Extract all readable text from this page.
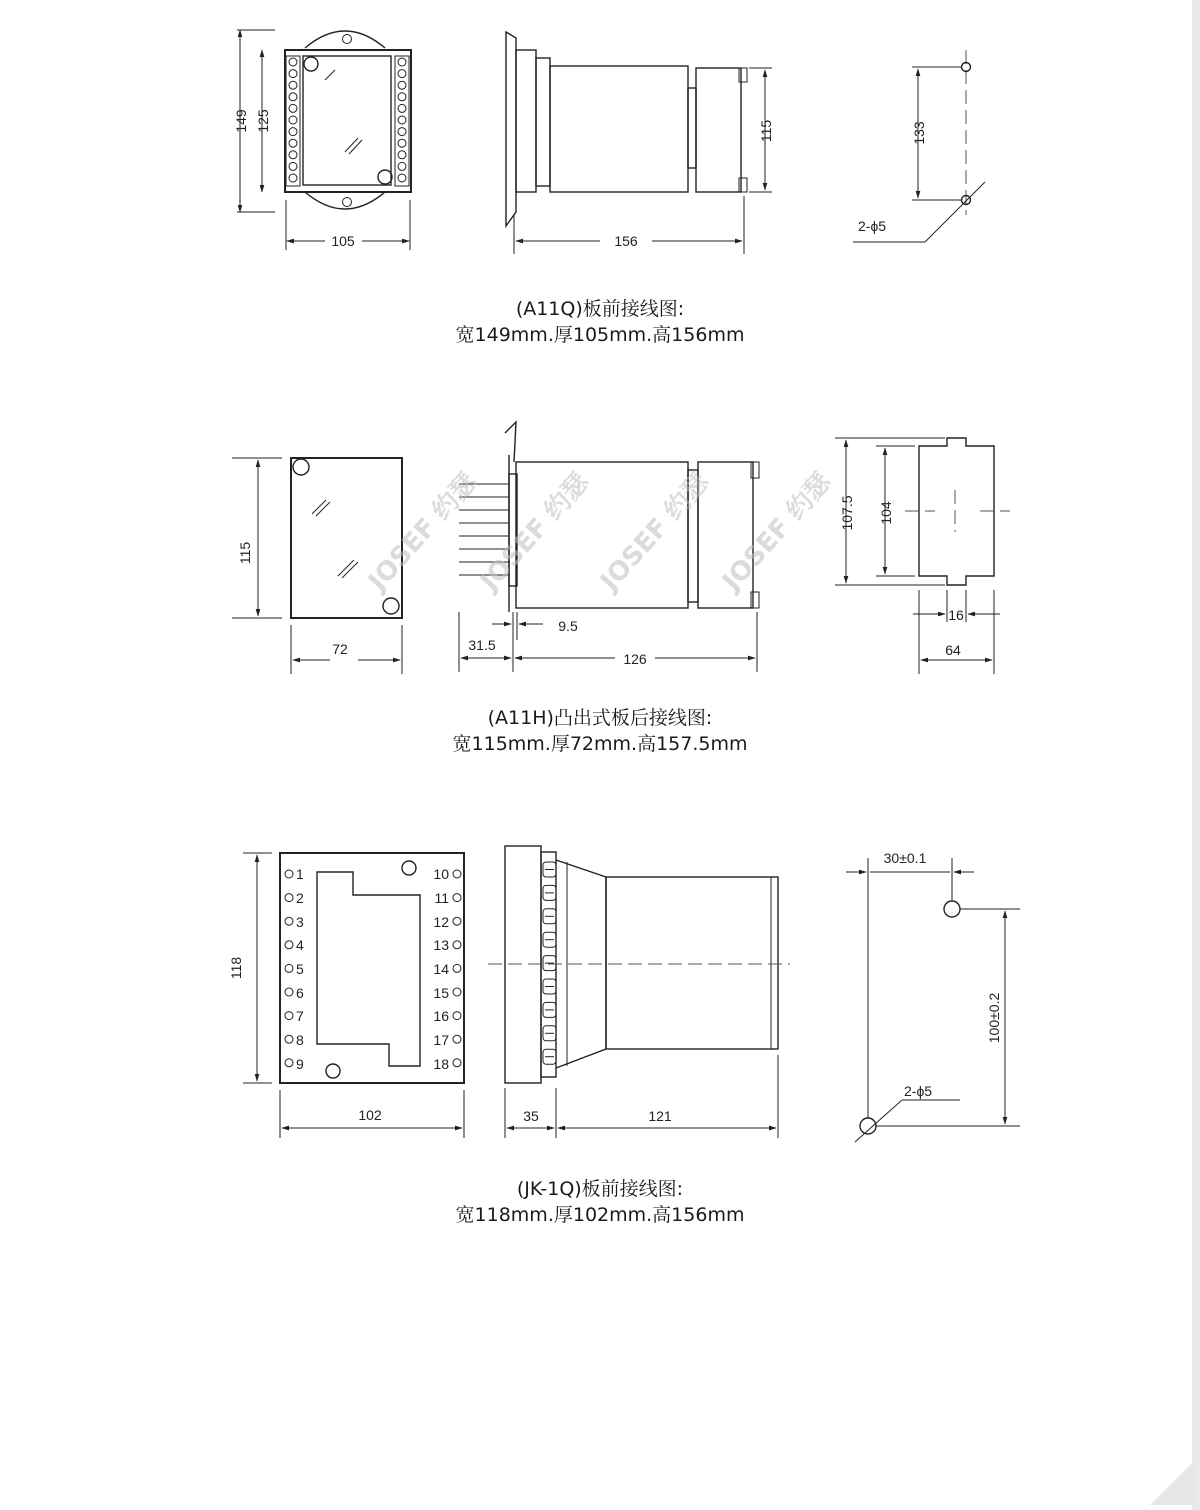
149 125
105
115
156
133
2-ϕ5
115
72
9.5
31.5
126
107.5 104
16
64
JOSEF 约瑟
JOSEF 约瑟 JOSEF 约瑟 JOSEF 约瑟
118
102	35	121
30±0.1
100±0.2
2-ϕ5
1
2
3
4
5
6
7
8
9
10
11
12
13
14
15
16
17
18
(A11Q)板前接线图:
宽149mm.厚105mm.高156mm
(A11H)凸出式板后接线图:
宽115mm.厚72mm.高157.5mm
(JK-1Q)板前接线图:
宽118mm.厚102mm.高156mm
